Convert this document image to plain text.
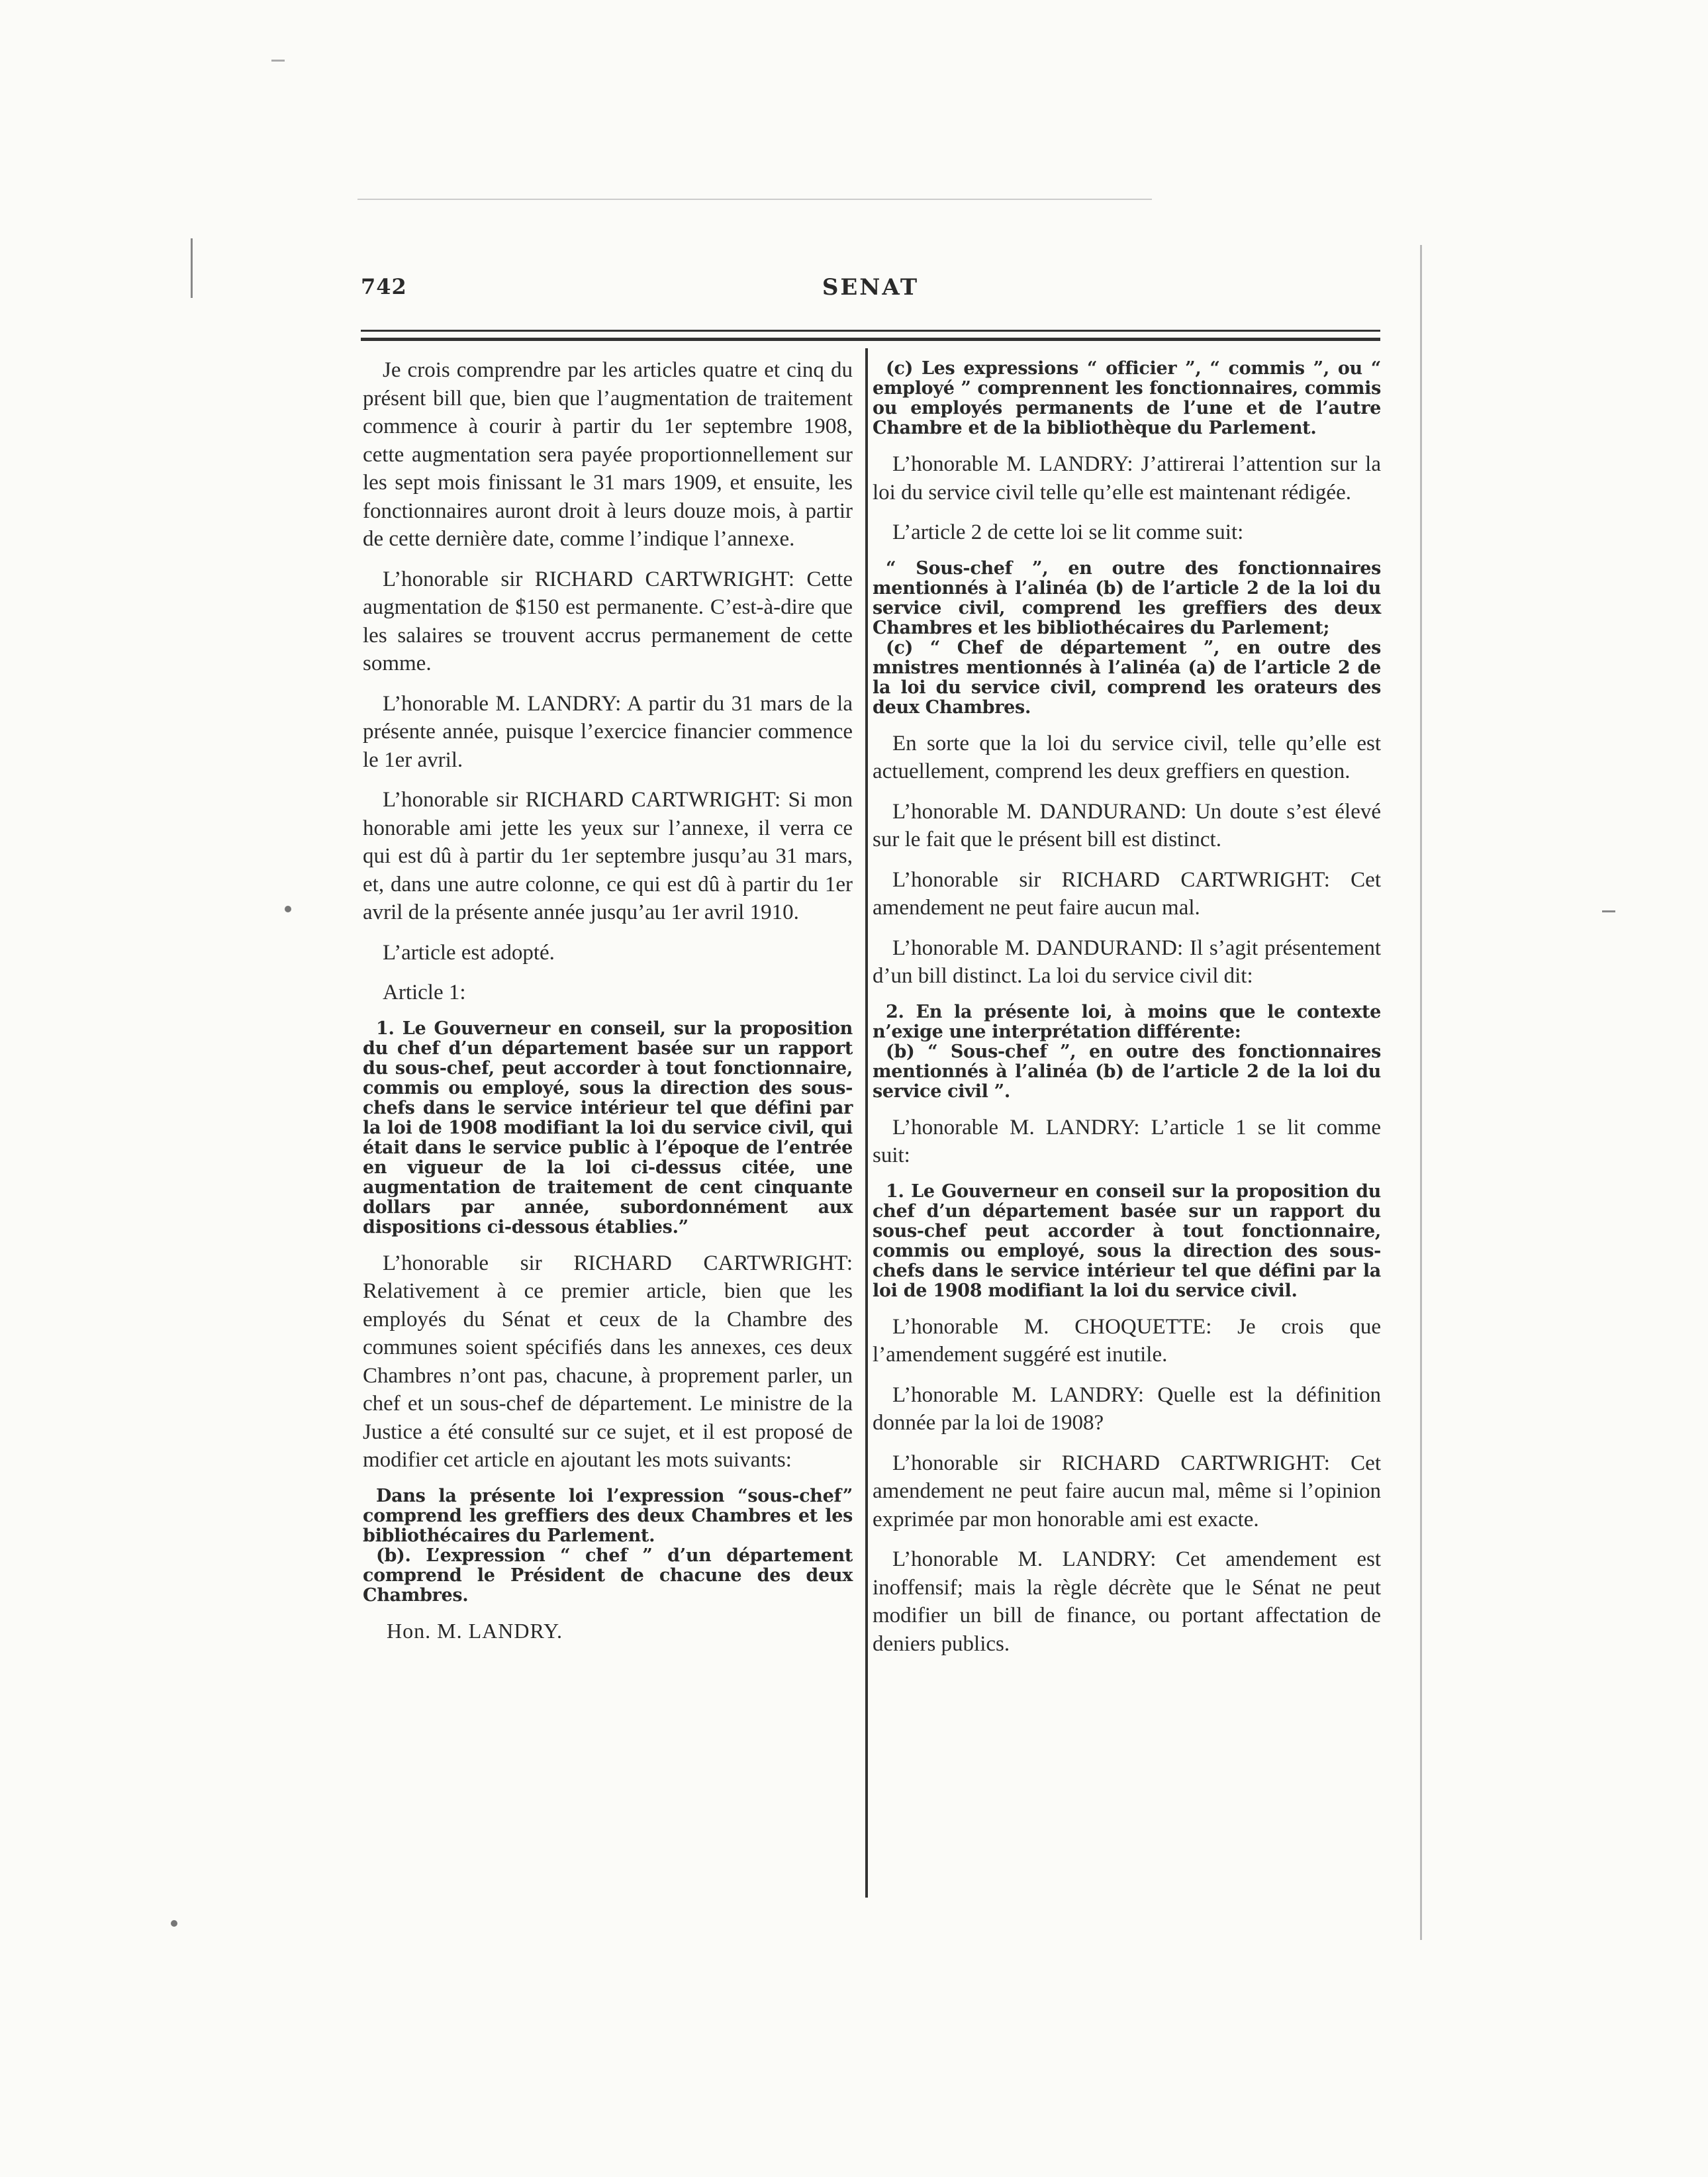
742	SENAT
Je crois comprendre par les articles quatre et cinq du présent bill que, bien que l’augmentation de traitement commence à courir à partir du 1er septembre 1908, cette augmentation sera payée proportionnellement sur les sept mois finissant le 31 mars 1909, et ensuite, les fonctionnaires auront droit à leurs douze mois, à partir de cette dernière date, comme l’indique l’annexe.
L’honorable sir RICHARD CARTWRIGHT: Cette augmentation de $150 est permanente. C’est-à-dire que les salaires se trouvent accrus permanement de cette somme.
L’honorable M. LANDRY: A partir du 31 mars de la présente année, puisque l’exercice financier commence le 1er avril.
L’honorable sir RICHARD CARTWRIGHT: Si mon honorable ami jette les yeux sur l’annexe, il verra ce qui est dû à partir du 1er septembre jusqu’au 31 mars, et, dans une autre colonne, ce qui est dû à partir du 1er avril de la présente année jusqu’au 1er avril 1910.
L’article est adopté.
Article 1:
1. Le Gouverneur en conseil, sur la proposition du chef d’un département basée sur un rapport du sous-chef, peut accorder à tout fonctionnaire, commis ou employé, sous la direction des sous-chefs dans le service intérieur tel que défini par la loi de 1908 modifiant la loi du service civil, qui était dans le service public à l’époque de l’entrée en vigueur de la loi ci-dessus citée, une augmentation de traitement de cent cinquante dollars par année, subordonnément aux dispositions ci-dessous établies.”
L’honorable sir RICHARD CARTWRIGHT: Relativement à ce premier article, bien que les employés du Sénat et ceux de la Chambre des communes soient spécifiés dans les annexes, ces deux Chambres n’ont pas, chacune, à proprement parler, un chef et un sous-chef de département. Le ministre de la Justice a été consulté sur ce sujet, et il est proposé de modifier cet article en ajoutant les mots suivants:

Dans la présente loi l’expression “sous-chef” comprend les greffiers des deux Chambres et les bibliothécaires du Parlement.

(b). L’expression “ chef ” d’un département comprend le Président de chacune des deux Chambres.

Hon. M. LANDRY.
(c) Les expressions “ officier ”, “ commis ”, ou “ employé ” comprennent les fonctionnaires, commis ou employés permanents de l’une et de l’autre Chambre et de la bibliothèque du Parlement.
L’honorable M. LANDRY: J’attirerai l’attention sur la loi du service civil telle qu’elle est maintenant rédigée.
L’article 2 de cette loi se lit comme suit:

“ Sous-chef ”, en outre des fonctionnaires mentionnés à l’alinéa (b) de l’article 2 de la loi du service civil, comprend les greffiers des deux Chambres et les bibliothécaires du Parlement;

(c) “ Chef de département ”, en outre des mnistres mentionnés à l’alinéa (a) de l’article 2 de la loi du service civil, comprend les orateurs des deux Chambres.

En sorte que la loi du service civil, telle qu’elle est actuellement, comprend les deux greffiers en question.
L’honorable M. DANDURAND: Un doute s’est élevé sur le fait que le présent bill est distinct.
L’honorable sir RICHARD CARTWRIGHT: Cet amendement ne peut faire aucun mal.
L’honorable M. DANDURAND: Il s’agit présentement d’un bill distinct. La loi du service civil dit:

2. En la présente loi, à moins que le contexte n’exige une interprétation différente:

(b) “ Sous-chef ”, en outre des fonctionnaires mentionnés à l’alinéa (b) de l’article 2 de la loi du service civil ”.

L’honorable M. LANDRY: L’article 1 se lit comme suit:
1. Le Gouverneur en conseil sur la proposition du chef d’un département basée sur un rapport du sous-chef peut accorder à tout fonctionnaire, commis ou employé, sous la direction des sous-chefs dans le service intérieur tel que défini par la loi de 1908 modifiant la loi du service civil.
L’honorable M. CHOQUETTE: Je crois que l’amendement suggéré est inutile.
L’honorable M. LANDRY: Quelle est la définition donnée par la loi de 1908?
L’honorable sir RICHARD CARTWRIGHT: Cet amendement ne peut faire aucun mal, même si l’opinion exprimée par mon honorable ami est exacte.
L’honorable M. LANDRY: Cet amendement est inoffensif; mais la règle décrète que le Sénat ne peut modifier un bill de finance, ou portant affectation de deniers publics.
